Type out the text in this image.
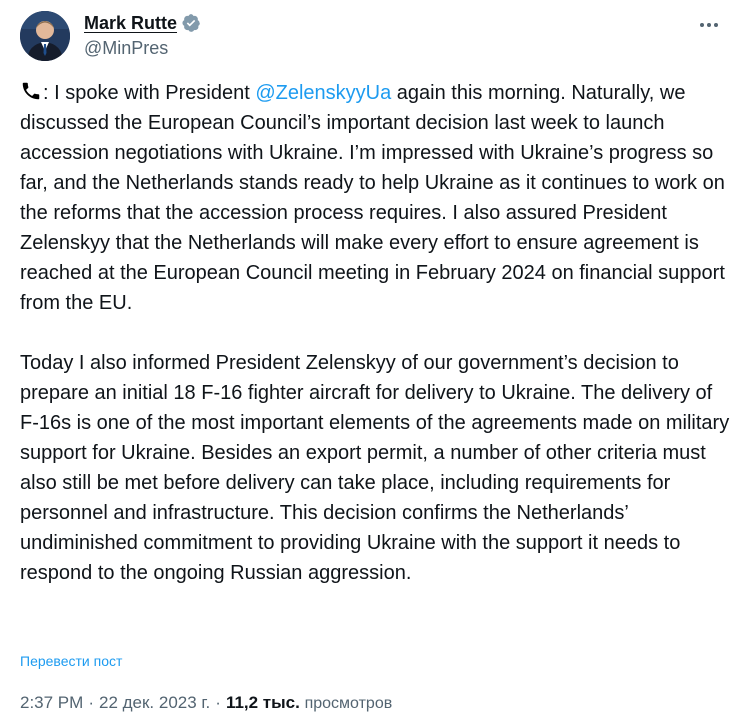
Mark Rutte
@MinPres

: I spoke with President @ZelenskyyUa again this morning. Naturally, we discussed the European Council’s important decision last week to launch accession negotiations with Ukraine. I’m impressed with Ukraine’s progress so far, and the Netherlands stands ready to help Ukraine as it continues to work on the reforms that the accession process requires. I also assured President Zelenskyy that the Netherlands will make every effort to ensure agreement is reached at the European Council meeting in February 2024 on financial support from the EU.

Today I also informed President Zelenskyy of our government’s decision to prepare an initial 18 F-16 fighter aircraft for delivery to Ukraine. The delivery of F-16s is one of the most important elements of the agreements made on military support for Ukraine. Besides an export permit, a number of other criteria must also still be met before delivery can take place, including requirements for personnel and infrastructure. This decision confirms the Netherlands’ undiminished commitment to providing Ukraine with the support it needs to respond to the ongoing Russian aggression.

Перевести пост
2:37 PM · 22 дек. 2023 г. · 11,2 тыс. просмотров
